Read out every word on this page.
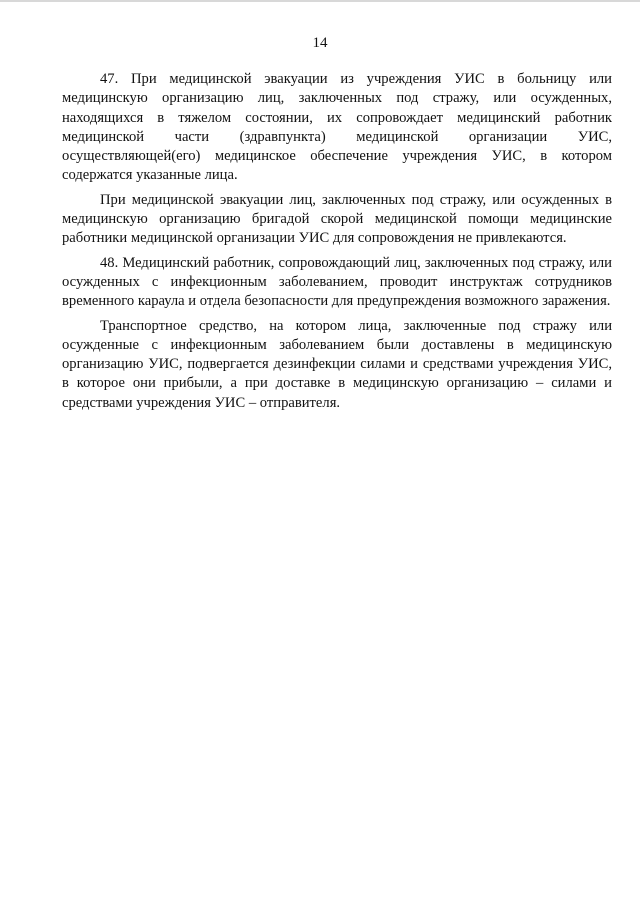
14

47. При медицинской эвакуации из учреждения УИС в больницу или медицинскую организацию лиц, заключенных под стражу, или осужденных, находящихся в тяжелом состоянии, их сопровождает медицинский работник медицинской части (здравпункта) медицинской организации УИС, осуществляющей(его) медицинское обеспечение учреждения УИС, в котором содержатся указанные лица.

При медицинской эвакуации лиц, заключенных под стражу, или осужденных в медицинскую организацию бригадой скорой медицинской помощи медицинские работники медицинской организации УИС для сопровождения не привлекаются.

48. Медицинский работник, сопровождающий лиц, заключенных под стражу, или осужденных с инфекционным заболеванием, проводит инструктаж сотрудников временного караула и отдела безопасности для предупреждения возможного заражения.

Транспортное средство, на котором лица, заключенные под стражу или осужденные с инфекционным заболеванием были доставлены в медицинскую организацию УИС, подвергается дезинфекции силами и средствами учреждения УИС, в которое они прибыли, а при доставке в медицинскую организацию – силами и средствами учреждения УИС – отправителя.
